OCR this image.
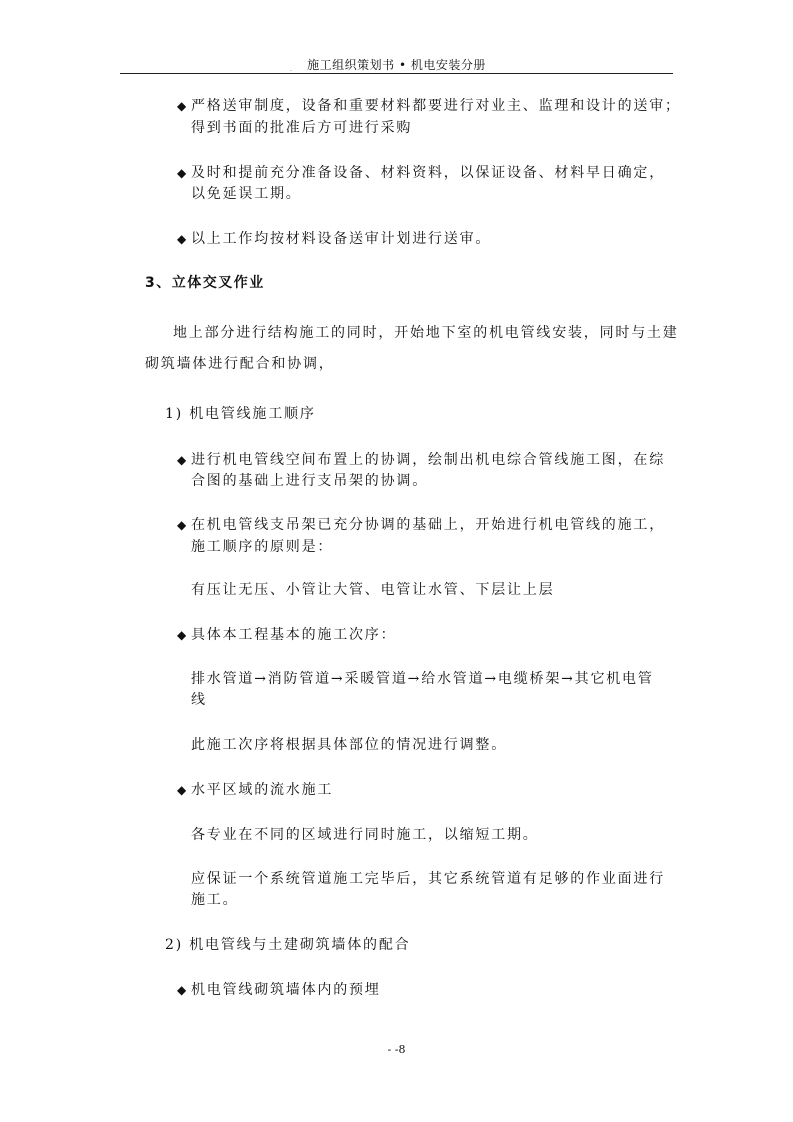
. 施工组织策划书 • 机电安装分册
◆ 严格送审制度，设备和重要材料都要进行对业主、监理和设计的送审；
得到书面的批准后方可进行采购
◆ 及时和提前充分准备设备、材料资料，以保证设备、材料早日确定，
以免延误工期。
◆ 以上工作均按材料设备送审计划进行送审。
3、立体交叉作业
地上部分进行结构施工的同时，开始地下室的机电管线安装，同时与土建
砌筑墙体进行配合和协调，
1) 机电管线施工顺序
◆ 进行机电管线空间布置上的协调，绘制出机电综合管线施工图，在综
合图的基础上进行支吊架的协调。
◆ 在机电管线支吊架已充分协调的基础上，开始进行机电管线的施工，
施工顺序的原则是：
有压让无压、小管让大管、电管让水管、下层让上层
◆ 具体本工程基本的施工次序：
排水管道→消防管道→采暖管道→给水管道→电缆桥架→其它机电管
线
此施工次序将根据具体部位的情况进行调整。
◆ 水平区域的流水施工
各专业在不同的区域进行同时施工，以缩短工期。
应保证一个系统管道施工完毕后，其它系统管道有足够的作业面进行
施工。
2) 机电管线与土建砌筑墙体的配合
◆ 机电管线砌筑墙体内的预埋
- -8
